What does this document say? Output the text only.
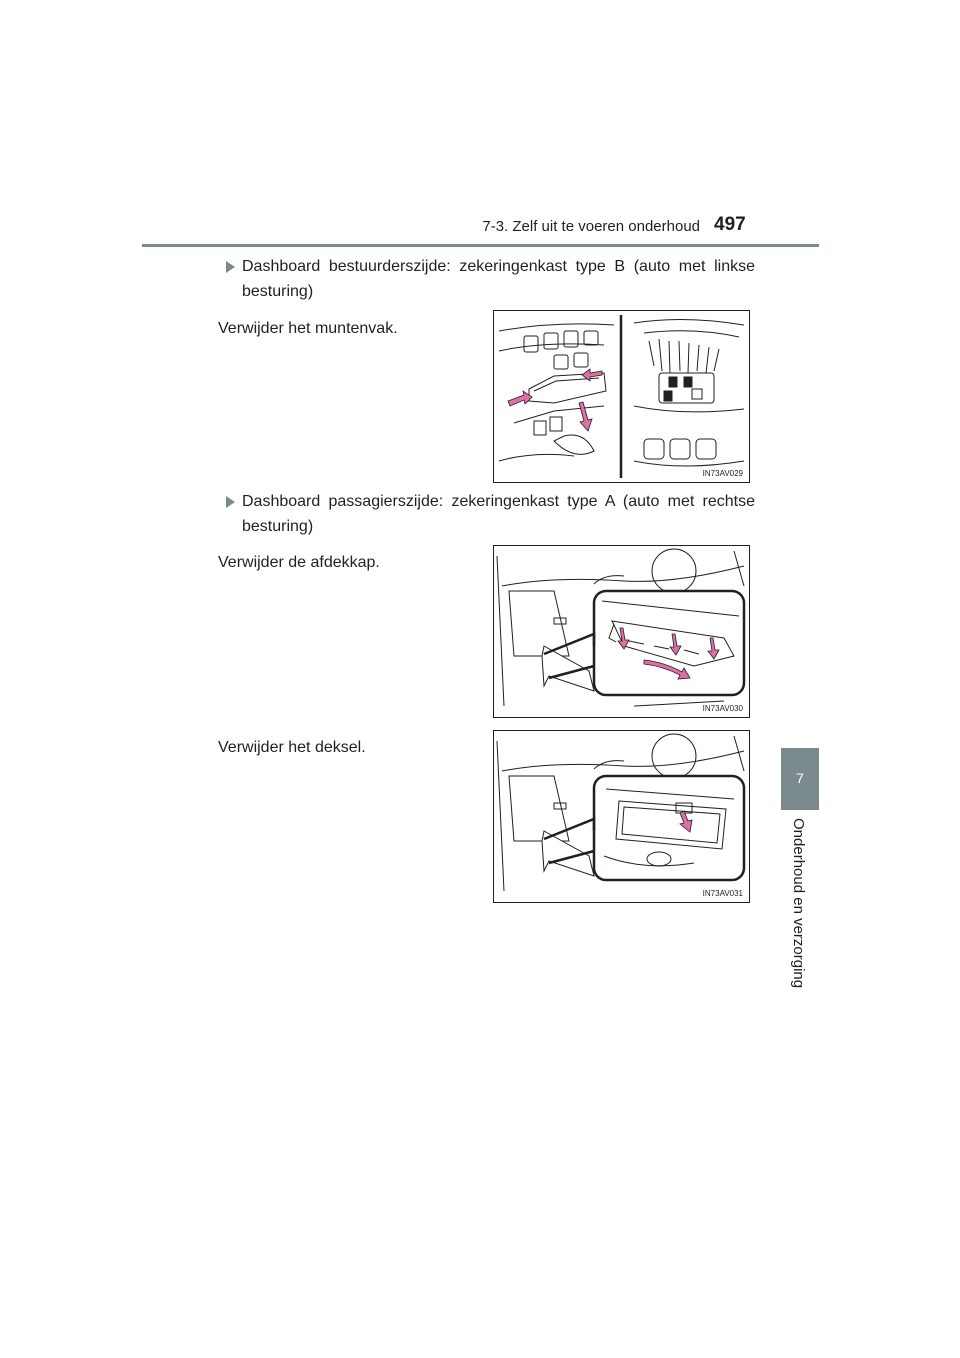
7-3. Zelf uit te voeren onderhoud 497
7
Onderhoud en verzorging
Dashboard bestuurderszijde: zekeringenkast type B (auto met linkse besturing)
Verwijder het muntenvak.
IN73AV029
Dashboard passagierszijde: zekeringenkast type A (auto met rechtse besturing)
Verwijder de afdekkap.
IN73AV030
Verwijder het deksel.
IN73AV031
